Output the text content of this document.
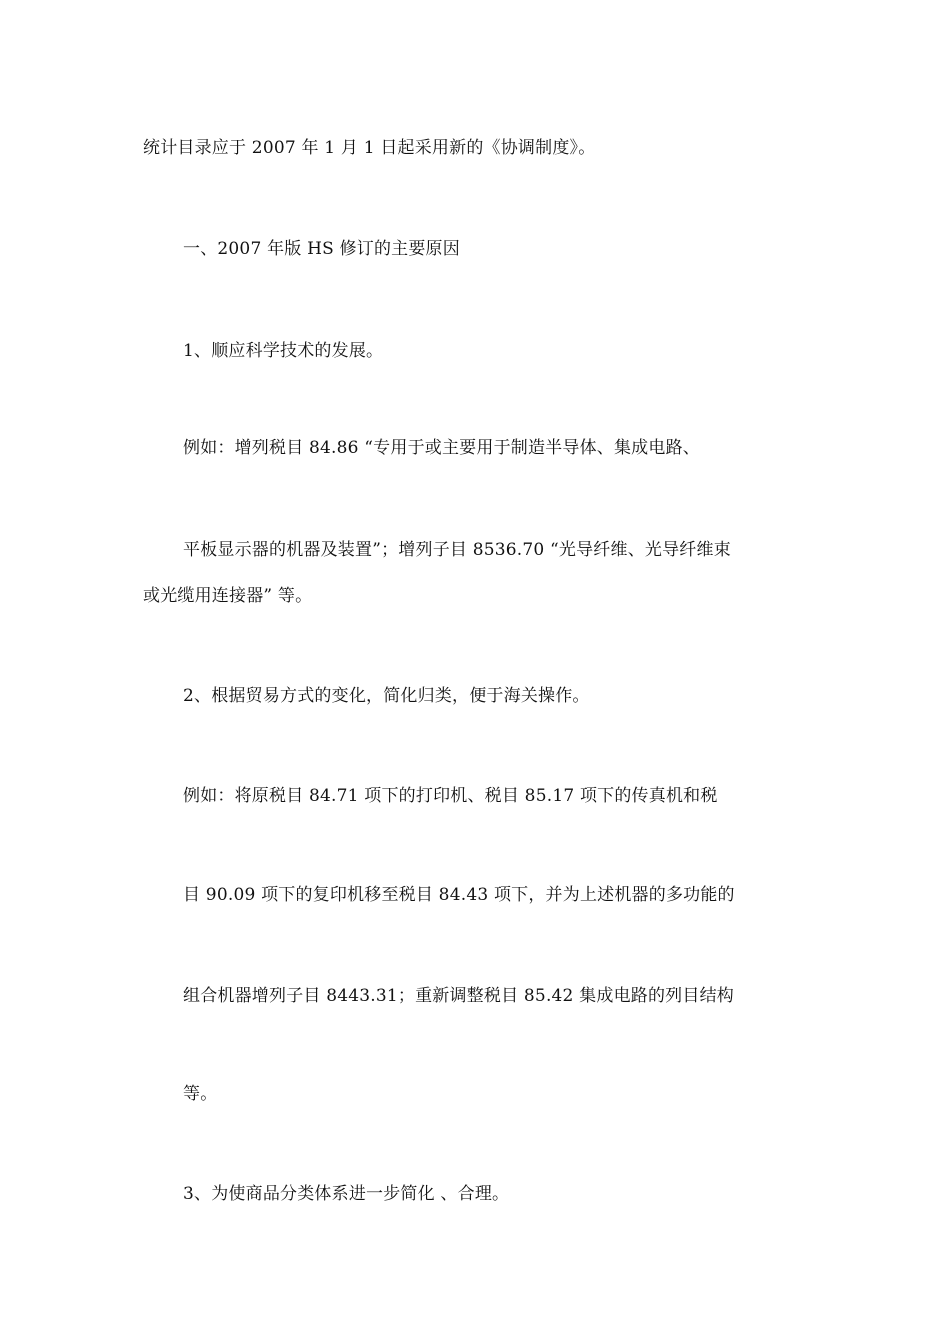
统计目录应于 2007 年 1 月 1 日起采用新的《协调制度》。
一、2007 年版 HS 修订的主要原因
1、顺应科学技术的发展。
例如：增列税目 84.86 “专用于或主要用于制造半导体、集成电路、
平板显示器的机器及装置”；增列子目 8536.70 “光导纤维、光导纤维束
或光缆用连接器” 等。
2、根据贸易方式的变化，简化归类，便于海关操作。
例如：将原税目 84.71 项下的打印机、税目 85.17 项下的传真机和税
目 90.09 项下的复印机移至税目 84.43 项下，并为上述机器的多功能的
组合机器增列子目 8443.31；重新调整税目 85.42 集成电路的列目结构
等。
3、为使商品分类体系进一步简化 、合理。
